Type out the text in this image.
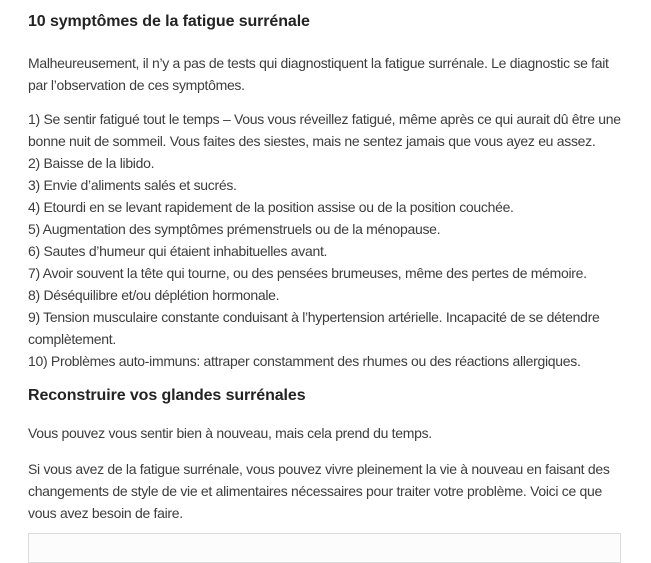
10 symptômes de la fatigue surrénale

Malheureusement, il n’y a pas de tests qui diagnostiquent la fatigue surrénale. Le diagnostic se fait par l’observation de ces symptômes.

1) Se sentir fatigué tout le temps – Vous vous réveillez fatigué, même après ce qui aurait dû être une bonne nuit de sommeil. Vous faites des siestes, mais ne sentez jamais que vous ayez eu assez.
2) Baisse de la libido.
3) Envie d’aliments salés et sucrés.
4) Etourdi en se levant rapidement de la position assise ou de la position couchée.
5) Augmentation des symptômes prémenstruels ou de la ménopause.
6) Sautes d’humeur qui étaient inhabituelles avant.
7) Avoir souvent la tête qui tourne, ou des pensées brumeuses, même des pertes de mémoire.
8) Déséquilibre et/ou déplétion hormonale.
9) Tension musculaire constante conduisant à l’hypertension artérielle. Incapacité de se détendre complètement.
10) Problèmes auto-immuns: attraper constamment des rhumes ou des réactions allergiques.
Reconstruire vos glandes surrénales

Vous pouvez vous sentir bien à nouveau, mais cela prend du temps.

Si vous avez de la fatigue surrénale, vous pouvez vivre pleinement la vie à nouveau en faisant des changements de style de vie et alimentaires nécessaires pour traiter votre problème. Voici ce que vous avez besoin de faire.
